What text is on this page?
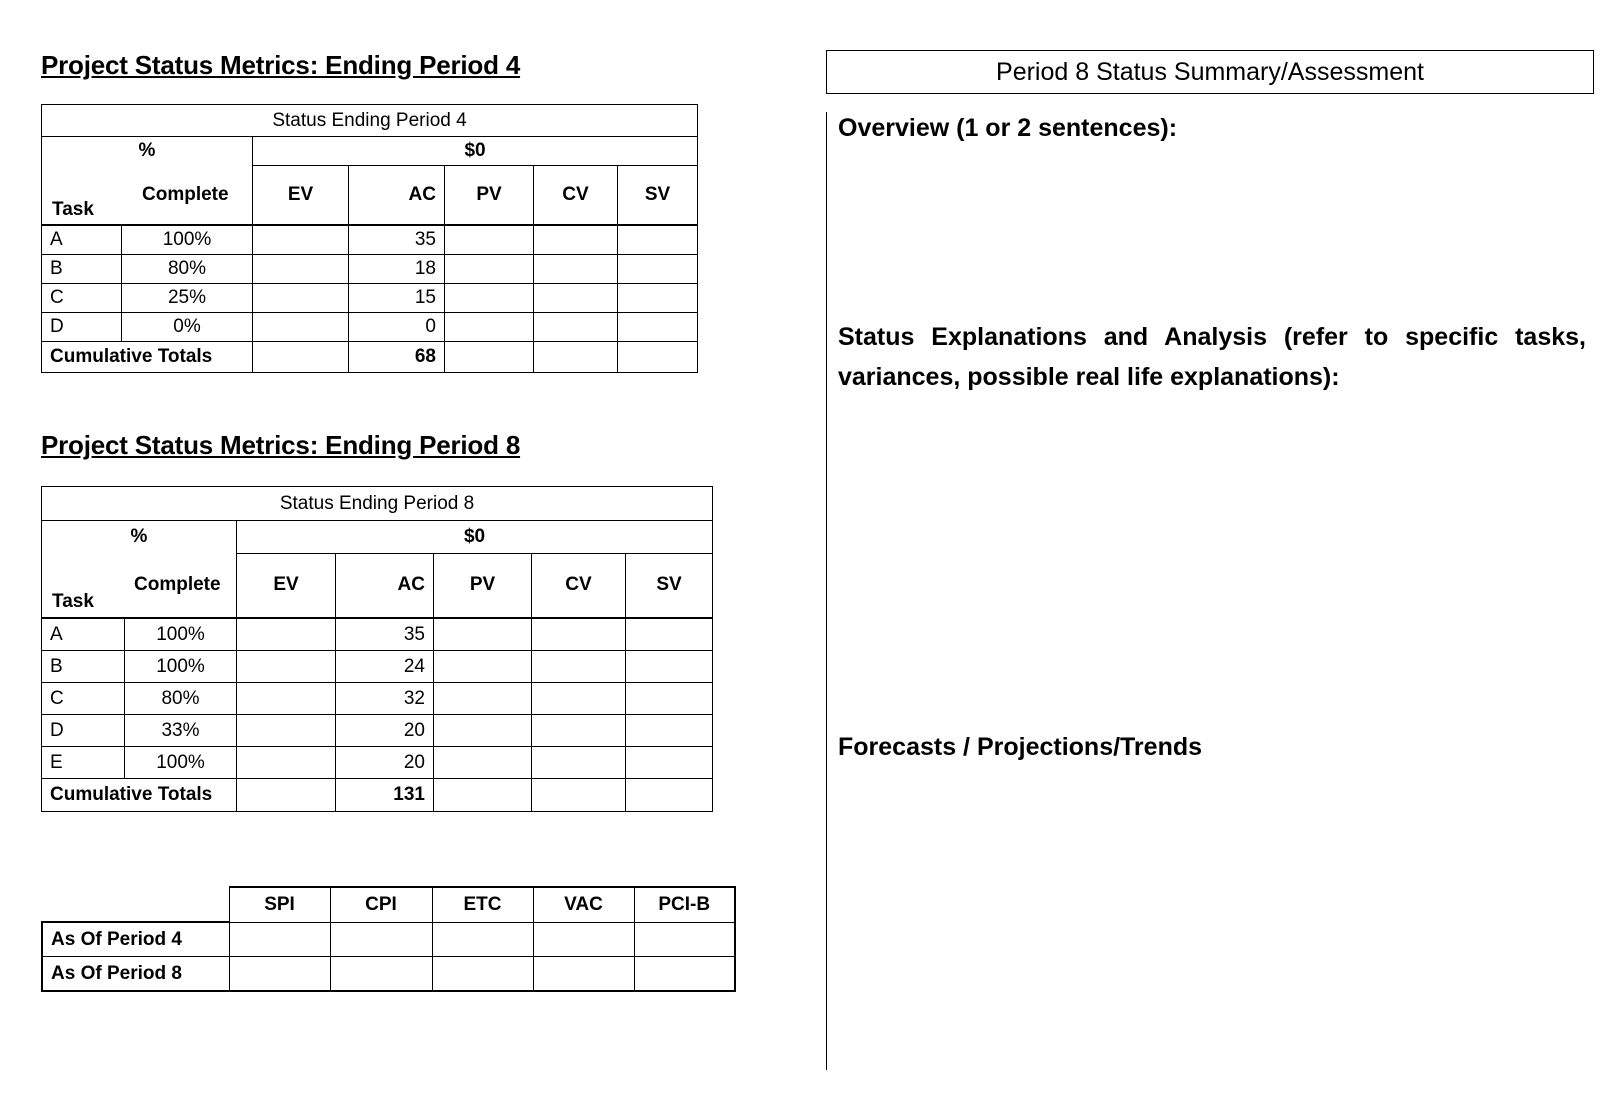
Project Status Metrics: Ending Period 4
Status Ending Period 4						
%		$0				

Complete
Task		EV	AC	PV	CV	SV
A	100%		35			
B	80%		18			
C	25%		15			
D	0%		0			
Cumulative Totals			68			
Project Status Metrics: Ending Period 8
Status Ending Period 8						
%		$0				

Complete
Task		EV	AC	PV	CV	SV
A	100%		35			
B	100%		24			
C	80%		32			
D	33%		20			
E	100%		20			
Cumulative Totals			131			
	SPI	CPI	ETC	VAC	PCI-B
As Of Period 4					
As Of Period 8					
Period 8 Status Summary/Assessment
Overview (1 or 2 sentences):
Status Explanations and Analysis (refer to specific tasks, variances, possible real life explanations):
Forecasts / Projections/Trends
